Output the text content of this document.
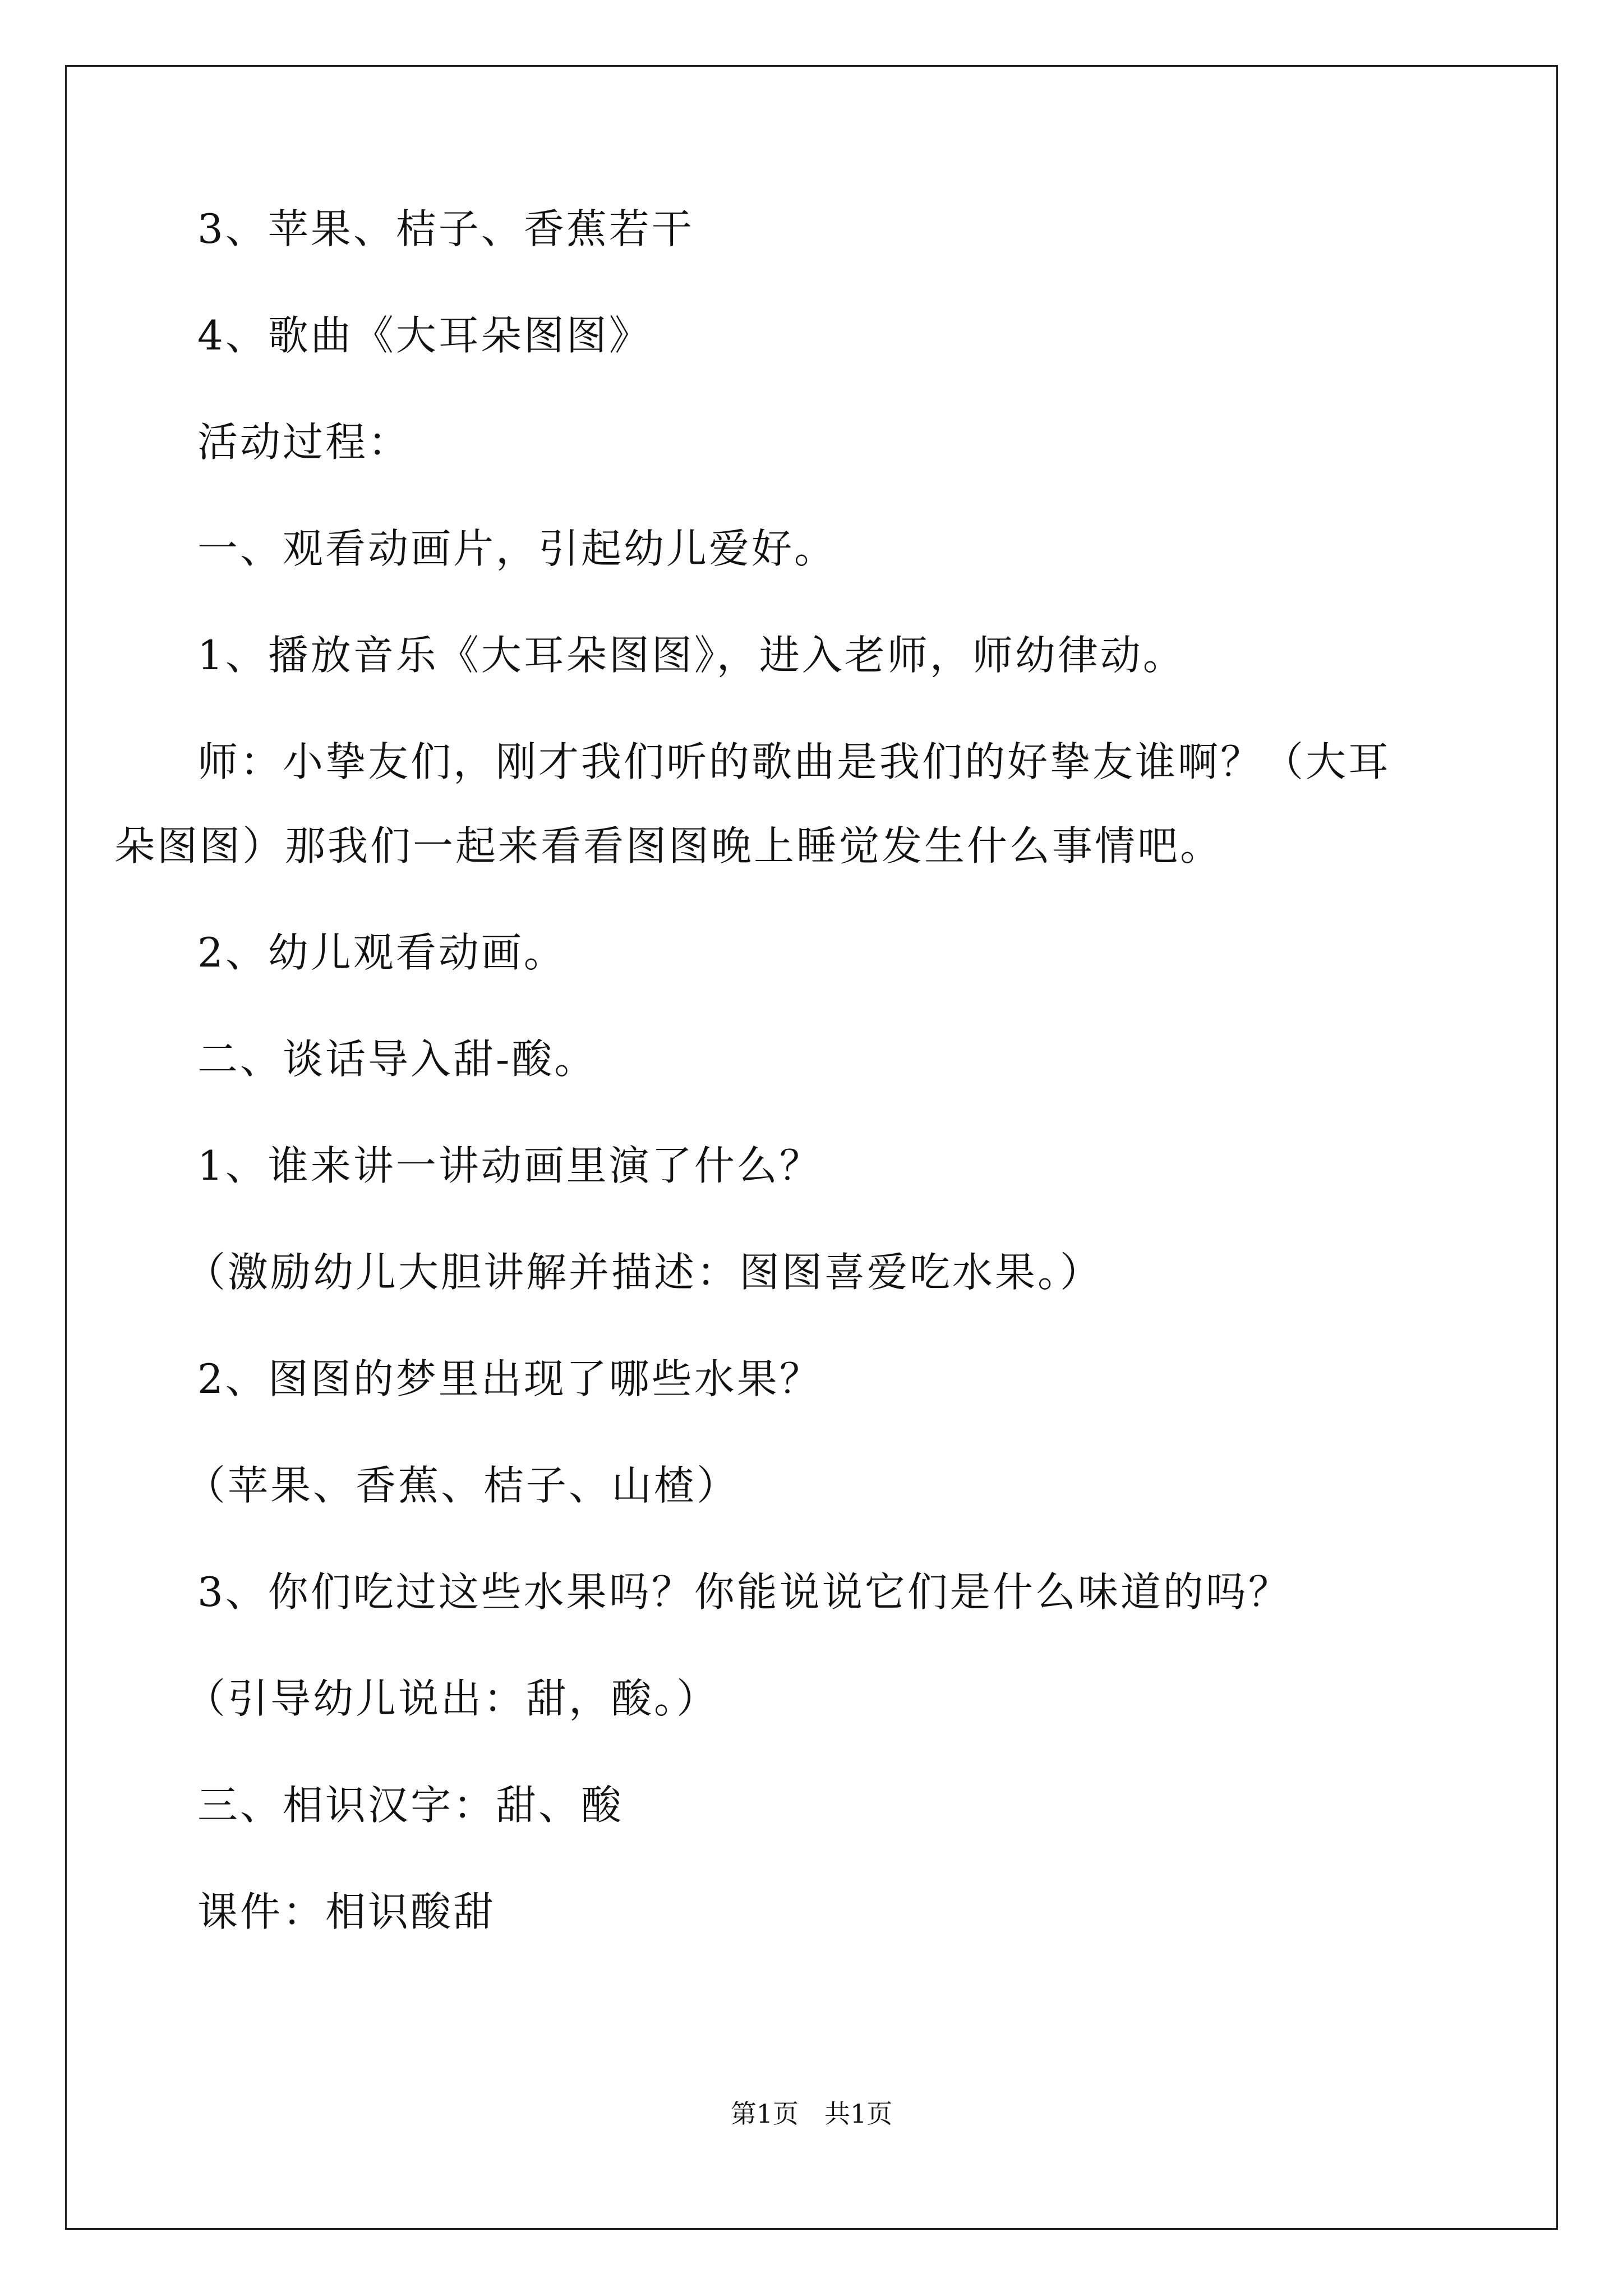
3、苹果、桔子、香蕉若干

4、歌曲《大耳朵图图》

活动过程：

一、观看动画片，引起幼儿爱好。

1、播放音乐《大耳朵图图》，进入老师，师幼律动。

师：小挚友们，刚才我们听的歌曲是我们的好挚友谁啊？（大耳

朵图图）那我们一起来看看图图晚上睡觉发生什么事情吧。

2、幼儿观看动画。

二、谈话导入甜-酸。

1、谁来讲一讲动画里演了什么？

（激励幼儿大胆讲解并描述：图图喜爱吃水果。）

2、图图的梦里出现了哪些水果？

（苹果、香蕉、桔子、山楂）

3、你们吃过这些水果吗？你能说说它们是什么味道的吗？

（引导幼儿说出：甜，酸。）

三、相识汉字：甜、酸

课件：相识酸甜

第1页　共1页
